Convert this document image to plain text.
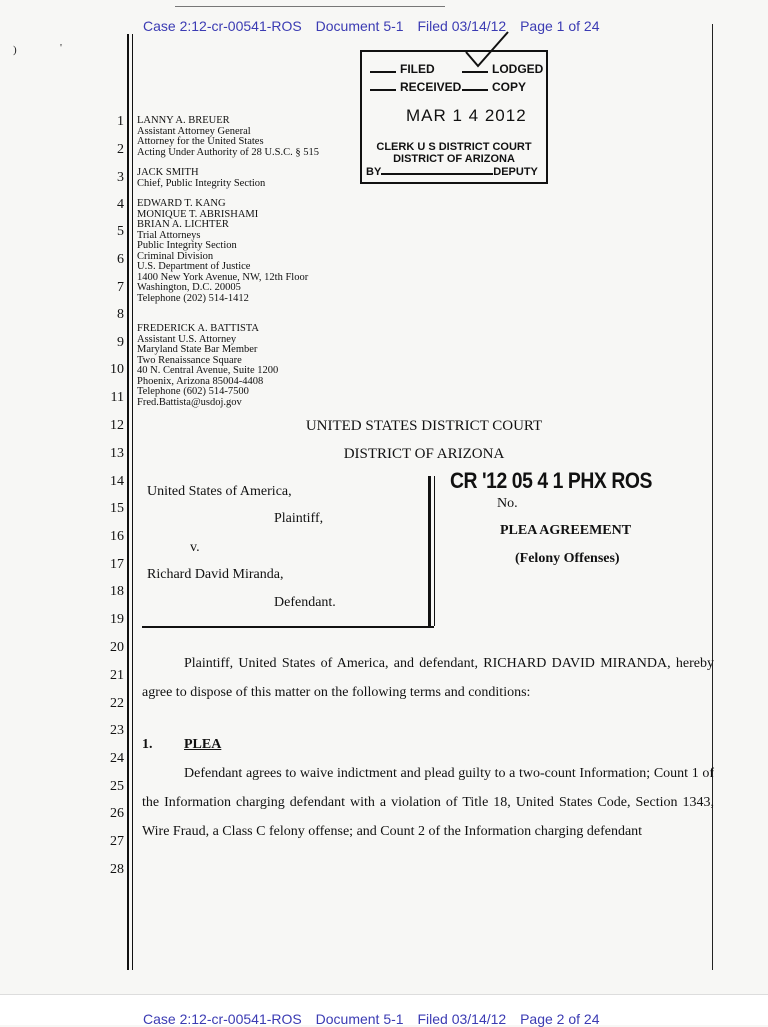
Case 2:12-cr-00541-ROS Document 5-1 Filed 03/14/12 Page 1 of 24
)	'
1
2
3
4
5
6
7
8
9
10
11
12
13
14
15
16
17
18
19
20
21
22
23
24
25
26
27
28
LANNY A. BREUER
Assistant Attorney General
Attorney for the United States
Acting Under Authority of 28 U.S.C. § 515
JACK SMITH
Chief, Public Integrity Section
EDWARD T. KANG
MONIQUE T. ABRISHAMI
BRIAN A. LICHTER
Trial Attorneys
Public Integrity Section
Criminal Division
U.S. Department of Justice
1400 New York Avenue, NW, 12th Floor
Washington, D.C. 20005
Telephone (202) 514-1412
FREDERICK A. BATTISTA
Assistant U.S. Attorney
Maryland State Bar Member
Two Renaissance Square
40 N. Central Avenue, Suite 1200
Phoenix, Arizona 85004-4408
Telephone (602) 514-7500
Fred.Battista@usdoj.gov
FILED	LODGED
RECEIVED	COPY
MAR 1 4 2012
CLERK U S DISTRICT COURT
DISTRICT OF ARIZONA
BY	DEPUTY
UNITED STATES DISTRICT COURT
DISTRICT OF ARIZONA
United States of America,
Plaintiff,
v.
Richard David Miranda,
Defendant.
CR '12 05 4 1 PHX ROS
No.
PLEA AGREEMENT
(Felony Offenses)
Plaintiff, United States of America, and defendant, RICHARD DAVID MIRANDA, hereby agree to dispose of this matter on the following terms and conditions:
1. PLEA
Defendant agrees to waive indictment and plead guilty to a two-count Information; Count 1 of the Information charging defendant with a violation of Title 18, United States Code, Section 1343, Wire Fraud, a Class C felony offense; and Count 2 of the Information charging defendant
Case 2:12-cr-00541-ROS Document 5-1 Filed 03/14/12 Page 2 of 24
